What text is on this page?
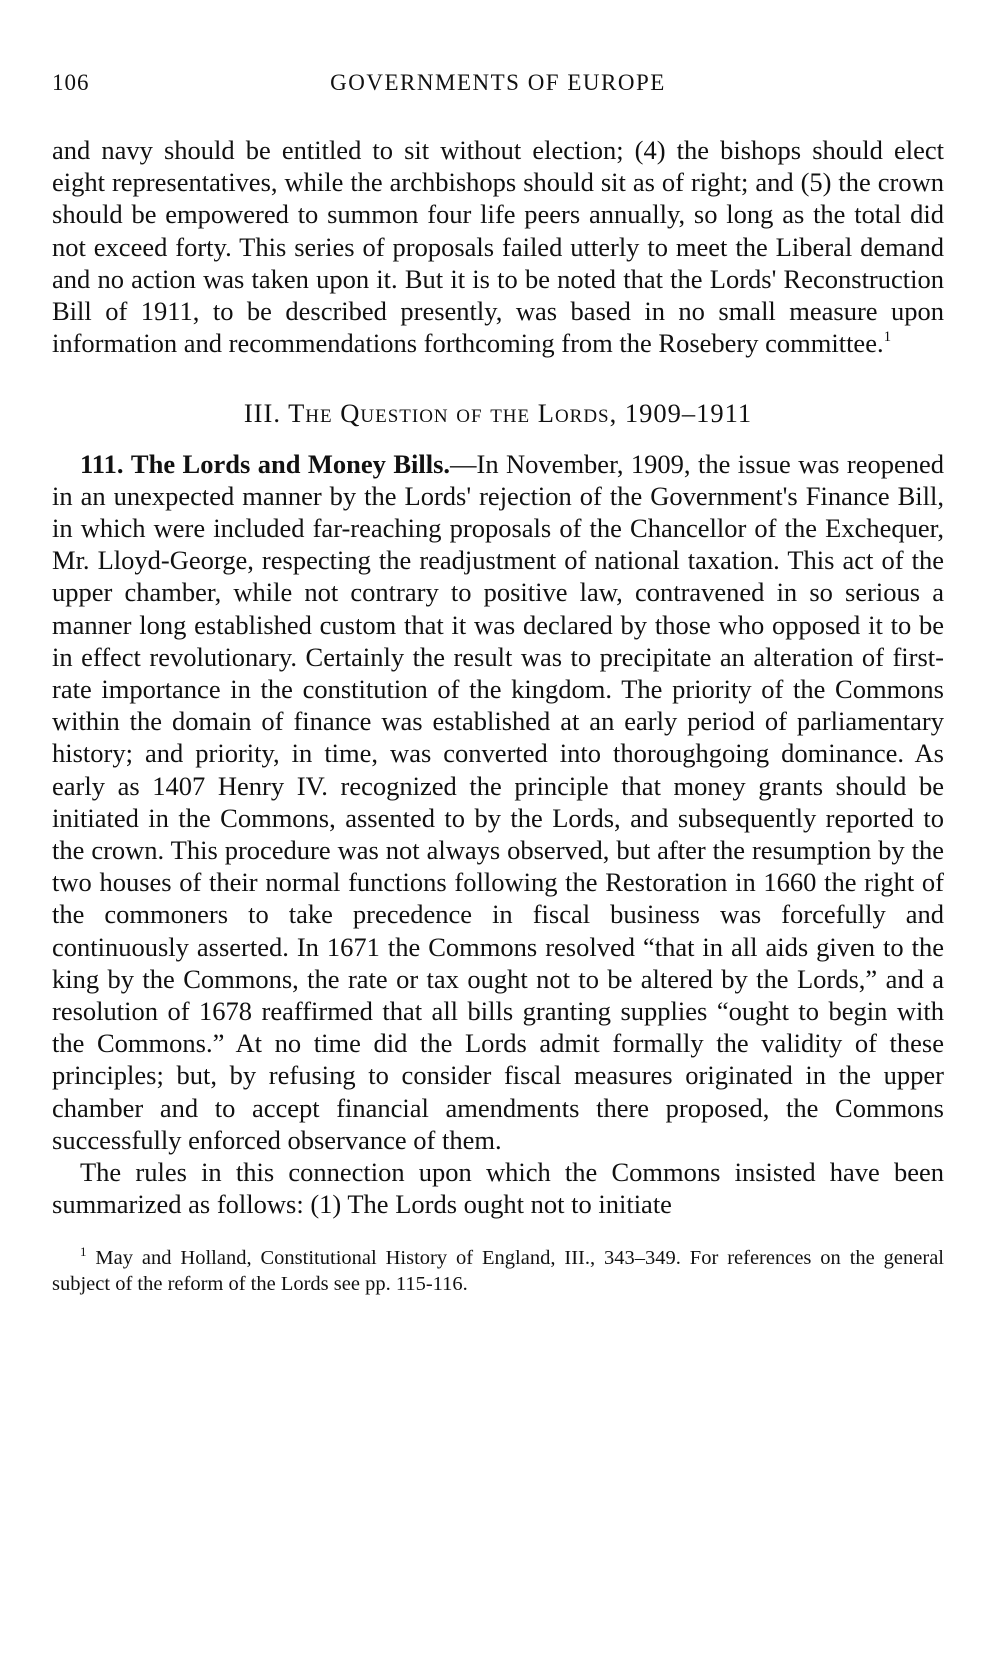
106	GOVERNMENTS OF EUROPE

and navy should be entitled to sit without election; (4) the bishops should elect eight representatives, while the archbishops should sit as of right; and (5) the crown should be empowered to summon four life peers annually, so long as the total did not exceed forty. This series of proposals failed utterly to meet the Liberal demand and no action was taken upon it. But it is to be noted that the Lords' Reconstruction Bill of 1911, to be described presently, was based in no small measure upon information and recommendations forthcoming from the Rosebery committee.$^1$

III. The Question of the Lords, 1909–1911

111. The Lords and Money Bills.—In November, 1909, the issue was reopened in an unexpected manner by the Lords' rejection of the Government's Finance Bill, in which were included far-reaching proposals of the Chancellor of the Exchequer, Mr. Lloyd-George, respecting the readjustment of national taxation. This act of the upper chamber, while not contrary to positive law, contravened in so serious a manner long established custom that it was declared by those who opposed it to be in effect revolutionary. Certainly the result was to precipitate an alteration of first-rate importance in the constitution of the kingdom. The priority of the Commons within the domain of finance was established at an early period of parliamentary history; and priority, in time, was converted into thoroughgoing dominance. As early as 1407 Henry IV. recognized the principle that money grants should be initiated in the Commons, assented to by the Lords, and subsequently reported to the crown. This procedure was not always observed, but after the resumption by the two houses of their normal functions following the Restoration in 1660 the right of the commoners to take precedence in fiscal business was forcefully and continuously asserted. In 1671 the Commons resolved “that in all aids given to the king by the Commons, the rate or tax ought not to be altered by the Lords,” and a resolution of 1678 reaffirmed that all bills granting supplies “ought to begin with the Commons.” At no time did the Lords admit formally the validity of these principles; but, by refusing to consider fiscal measures originated in the upper chamber and to accept financial amendments there proposed, the Commons successfully enforced observance of them.

The rules in this connection upon which the Commons insisted have been summarized as follows: (1) The Lords ought not to initiate

$^1$ May and Holland, Constitutional History of England, III., 343–349. For references on the general subject of the reform of the Lords see pp. 115-116.
